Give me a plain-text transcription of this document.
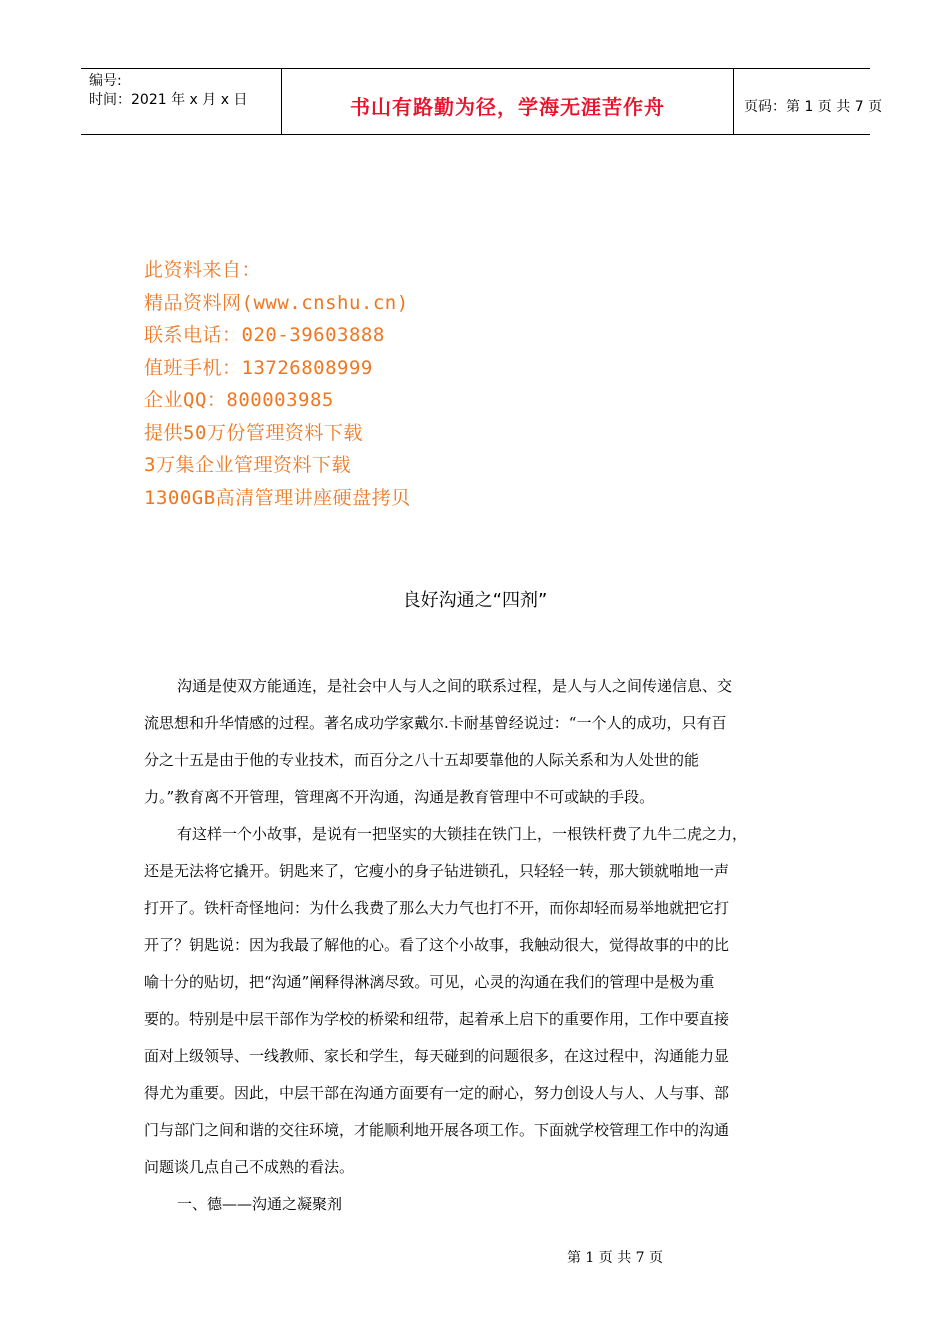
编号:
时间：2021 年 x 月 x 日	书山有路勤为径，学海无涯苦作舟	页码：第 1 页 共 7 页
此资料来自：
精品资料网(www.cnshu.cn)
联系电话：020-39603888
值班手机：13726808999
企业QQ：800003985
提供50万份管理资料下载
3万集企业管理资料下载
1300GB高清管理讲座硬盘拷贝
良好沟通之“四剂”
沟通是使双方能通连，是社会中人与人之间的联系过程，是人与人之间传递信息、交
流思想和升华情感的过程。著名成功学家戴尔.卡耐基曾经说过：“一个人的成功，只有百
分之十五是由于他的专业技术，而百分之八十五却要靠他的人际关系和为人处世的能
力。”教育离不开管理，管理离不开沟通，沟通是教育管理中不可或缺的手段。
有这样一个小故事，是说有一把坚实的大锁挂在铁门上，一根铁杆费了九牛二虎之力，
还是无法将它撬开。钥匙来了，它瘦小的身子钻进锁孔，只轻轻一转，那大锁就啪地一声
打开了。铁杆奇怪地问：为什么我费了那么大力气也打不开，而你却轻而易举地就把它打
开了？钥匙说：因为我最了解他的心。看了这个小故事，我触动很大，觉得故事的中的比
喻十分的贴切，把“沟通”阐释得淋漓尽致。可见，心灵的沟通在我们的管理中是极为重
要的。特别是中层干部作为学校的桥梁和纽带，起着承上启下的重要作用，工作中要直接
面对上级领导、一线教师、家长和学生，每天碰到的问题很多，在这过程中，沟通能力显
得尤为重要。因此，中层干部在沟通方面要有一定的耐心，努力创设人与人、人与事、部
门与部门之间和谐的交往环境，才能顺利地开展各项工作。下面就学校管理工作中的沟通
问题谈几点自己不成熟的看法。
一、德——沟通之凝聚剂
第 1 页 共 7 页
